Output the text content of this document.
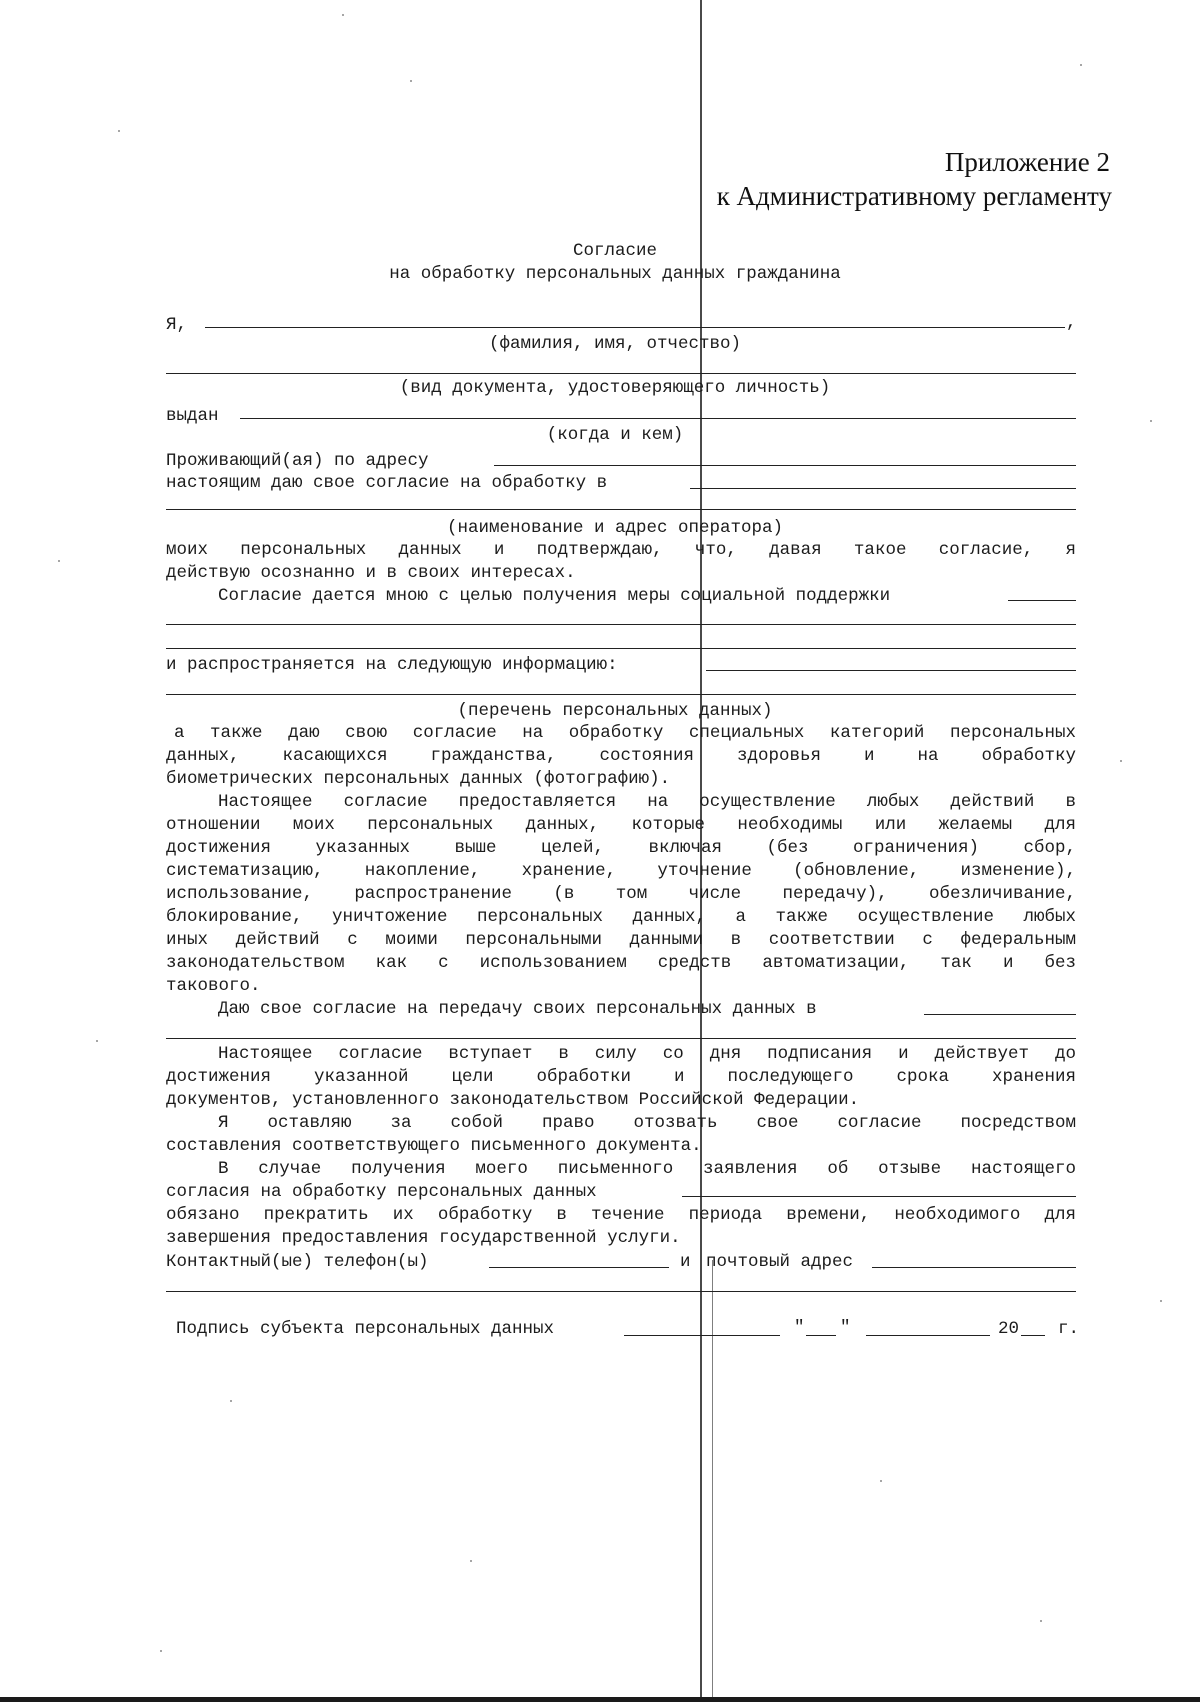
Приложение 2
к Административному регламенту
Согласие
на обработку персональных данных гражданина
Я,	,
(фамилия, имя, отчество)
(вид документа, удостоверяющего личность)
выдан
(когда и кем)
Проживающий(ая) по адресу
настоящим даю свое согласие на обработку в
(наименование и адрес оператора)
моих персональных данных и подтверждаю, что, давая такое согласие, я
действую осознанно и в своих интересах.
Согласие дается мною с целью получения меры социальной поддержки
и распространяется на следующую информацию:
(перечень персональных данных)
а также даю свою согласие на обработку специальных категорий персональных
данных, касающихся гражданства, состояния здоровья и на обработку
биометрических персональных данных (фотографию).
Настоящее согласие предоставляется на осуществление любых действий в
отношении моих персональных данных, которые необходимы или желаемы для
достижения указанных выше целей, включая (без ограничения) сбор,
систематизацию, накопление, хранение, уточнение (обновление, изменение),
использование, распространение (в том числе передачу), обезличивание,
блокирование, уничтожение персональных данных, а также осуществление любых
иных действий с моими персональными данными в соответствии с федеральным
законодательством как с использованием средств автоматизации, так и без
такового.
Даю свое согласие на передачу своих персональных данных в
Настоящее согласие вступает в силу со дня подписания и действует до
достижения указанной цели обработки и последующего срока хранения
документов, установленного законодательством Российской Федерации.
Я оставляю за собой право отозвать свое согласие посредством
составления соответствующего письменного документа.
В случае получения моего письменного заявления об отзыве настоящего
согласия на обработку персональных данных
обязано прекратить их обработку в течение периода времени, необходимого для
завершения предоставления государственной услуги.
Контактный(ые) телефон(ы)	и почтовый адрес
Подпись субъекта персональных данных	" "	20 г.
